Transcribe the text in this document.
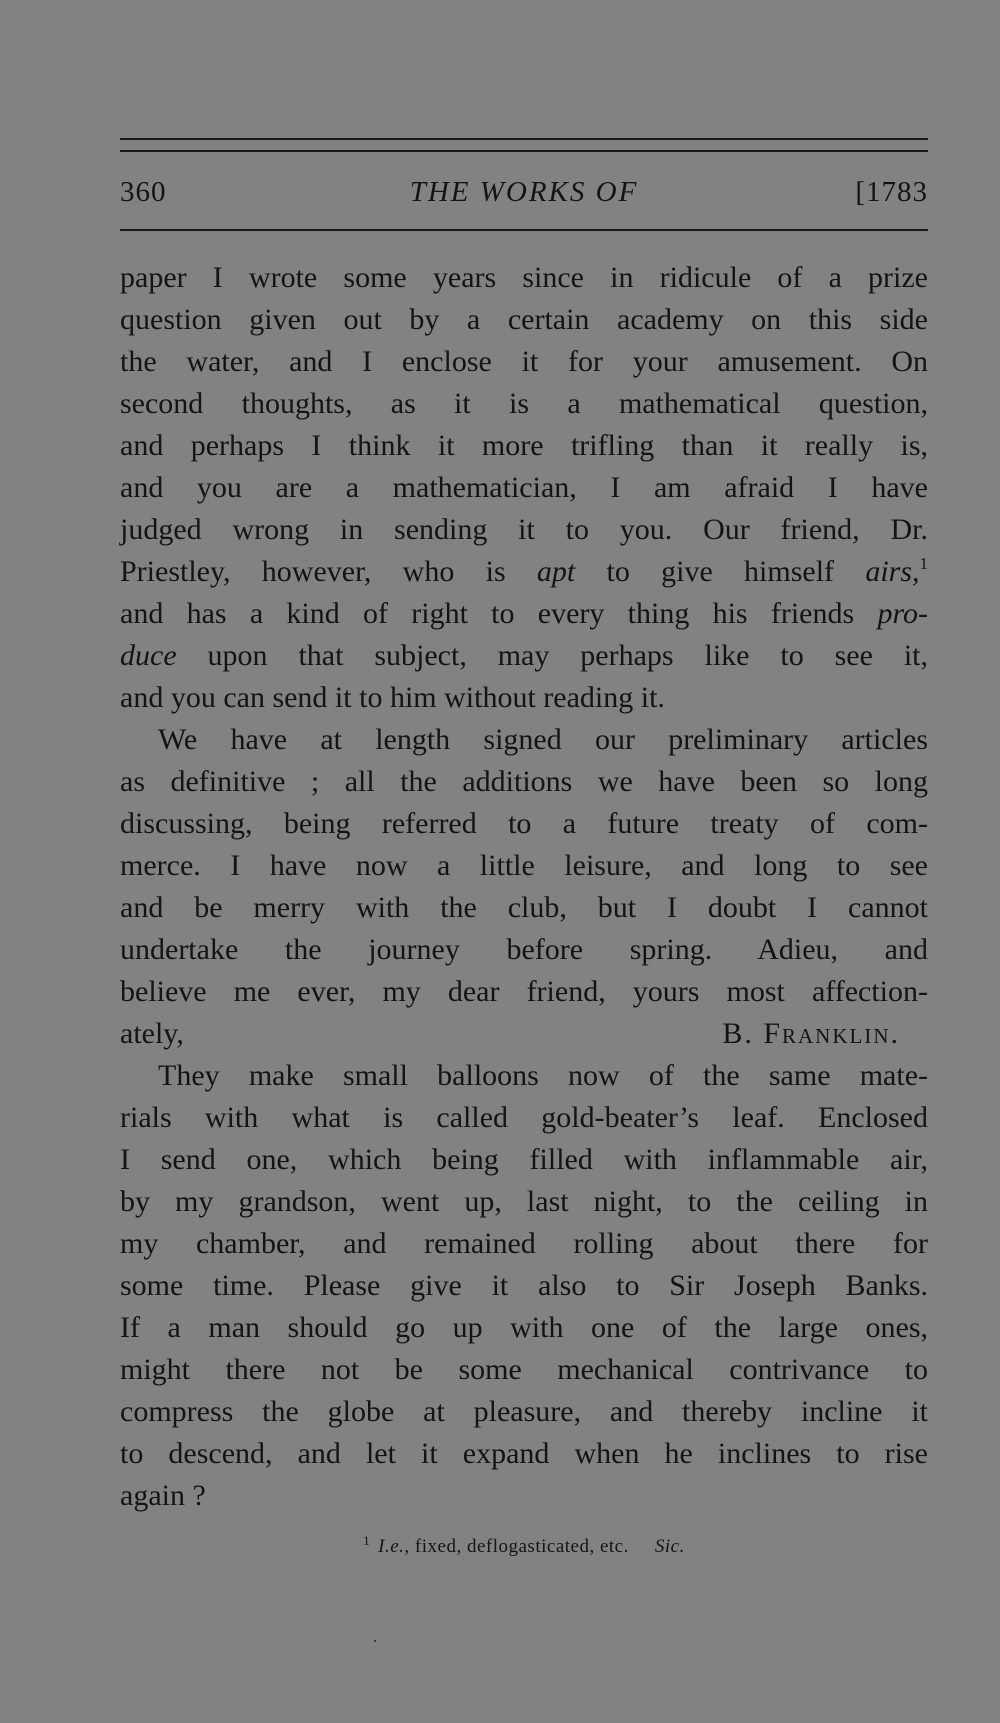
360	THE WORKS OF	[1783
paper I wrote some years since in ridicule of a prize
question given out by a certain academy on this side
the water, and I enclose it for your amusement. On
second thoughts, as it is a mathematical question,
and perhaps I think it more trifling than it really is,
and you are a mathematician, I am afraid I have
judged wrong in sending it to you. Our friend, Dr.
Priestley, however, who is apt to give himself airs,$^1$
and has a kind of right to every thing his friends pro-
duce upon that subject, may perhaps like to see it,
and you can send it to him without reading it.
We have at length signed our preliminary articles
as definitive ; all the additions we have been so long
discussing, being referred to a future treaty of com-
merce. I have now a little leisure, and long to see
and be merry with the club, but I doubt I cannot
undertake the journey before spring. Adieu, and
believe me ever, my dear friend, yours most affection-
ately,	B. Franklin.
They make small balloons now of the same mate-
rials with what is called gold-beater’s leaf. Enclosed
I send one, which being filled with inflammable air,
by my grandson, went up, last night, to the ceiling in
my chamber, and remained rolling about there for
some time. Please give it also to Sir Joseph Banks.
If a man should go up with one of the large ones,
might there not be some mechanical contrivance to
compress the globe at pleasure, and thereby incline it
to descend, and let it expand when he inclines to rise
again ?
$^1$ I.e., fixed, deflogasticated, etc. Sic.
